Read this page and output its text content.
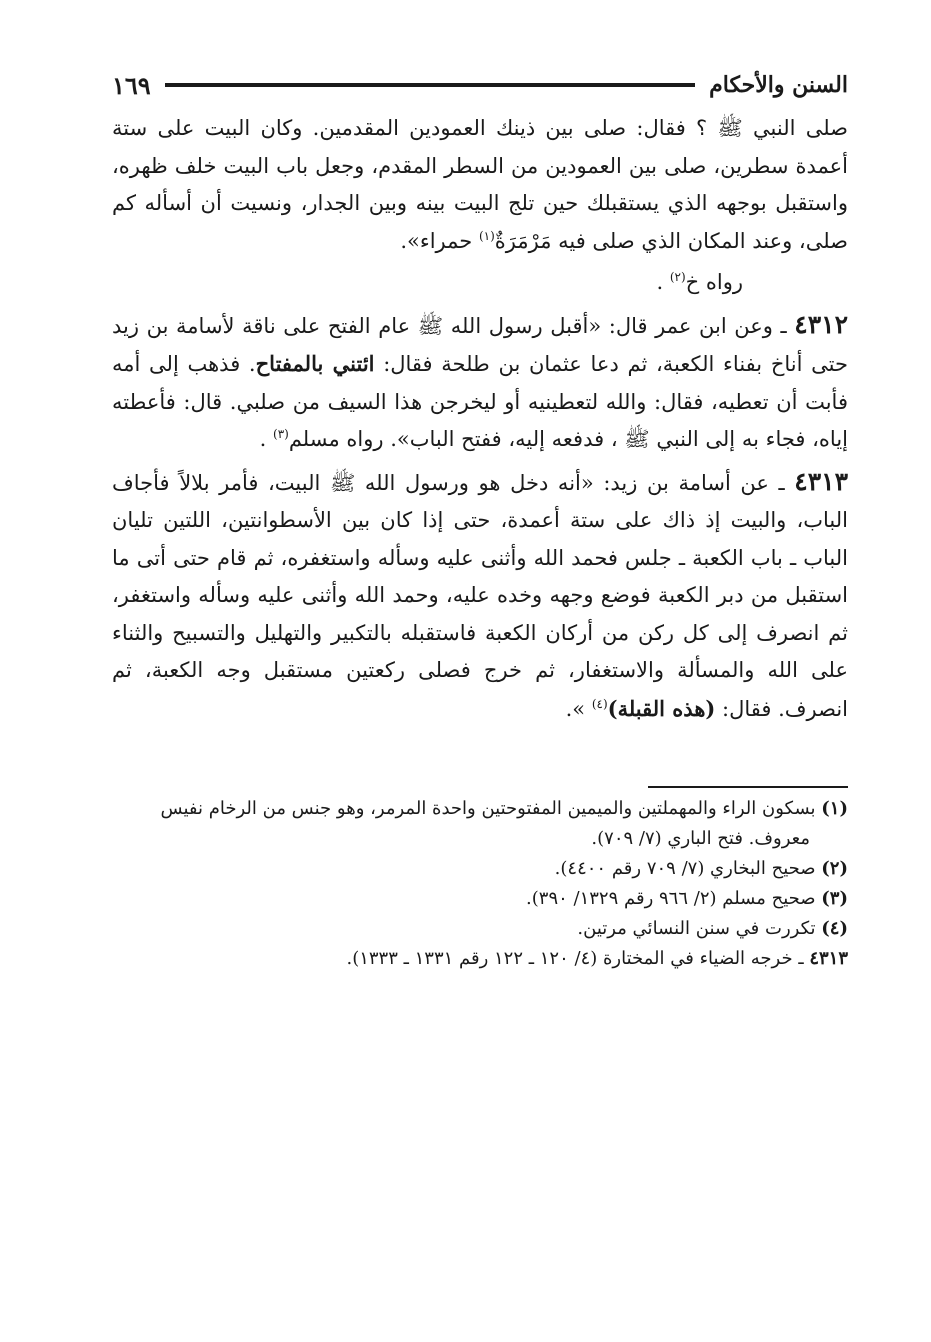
السنن والأحكام
١٦٩

صلى النبي ﷺ ؟ فقال: صلى بين ذينك العمودين المقدمين. وكان البيت على ستة أعمدة سطرين، صلى بين العمودين من السطر المقدم، وجعل باب البيت خلف ظهره، واستقبل بوجهه الذي يستقبلك حين تلج البيت بينه وبين الجدار، ونسيت أن أسأله كم صلى، وعند المكان الذي صلى فيه مَرْمَرَةٌ$^{(١)}$ حمراء».

رواه خ$^{(٢)}$ .

٤٣١٢ ـ وعن ابن عمر قال: «أقبل رسول الله ﷺ عام الفتح على ناقة لأسامة بن زيد حتى أناخ بفناء الكعبة، ثم دعا عثمان بن طلحة فقال: ائتني بالمفتاح. فذهب إلى أمه فأبت أن تعطيه، فقال: والله لتعطينيه أو ليخرجن هذا السيف من صلبي. قال: فأعطته إياه، فجاء به إلى النبي ﷺ ، فدفعه إليه، ففتح الباب». رواه مسلم$^{(٣)}$ .

٤٣١٣ ـ عن أسامة بن زيد: «أنه دخل هو ورسول الله ﷺ البيت، فأمر بلالاً فأجاف الباب، والبيت إذ ذاك على ستة أعمدة، حتى إذا كان بين الأسطوانتين، اللتين تليان الباب ـ باب الكعبة ـ جلس فحمد الله وأثنى عليه وسأله واستغفره، ثم قام حتى أتى ما استقبل من دبر الكعبة فوضع وجهه وخده عليه، وحمد الله وأثنى عليه وسأله واستغفر، ثم انصرف إلى كل ركن من أركان الكعبة فاستقبله بالتكبير والتهليل والتسبيح والثناء على الله والمسألة والاستغفار، ثم خرج فصلى ركعتين مستقبل وجه الكعبة، ثم انصرف. فقال: (هذه القبلة)$^{(٤)}$ ».

(١) بسكون الراء والمهملتين والميمين المفتوحتين واحدة المرمر، وهو جنس من الرخام نفيس

معروف. فتح الباري (٧/ ٧٠٩).

(٢) صحيح البخاري (٧/ ٧٠٩ رقم ٤٤٠٠).

(٣) صحيح مسلم (٢/ ٩٦٦ رقم ١٣٢٩/ ٣٩٠).

(٤) تكررت في سنن النسائي مرتين.

٤٣١٣ ـ خرجه الضياء في المختارة (٤/ ١٢٠ ـ ١٢٢ رقم ١٣٣١ ـ ١٣٣٣).
